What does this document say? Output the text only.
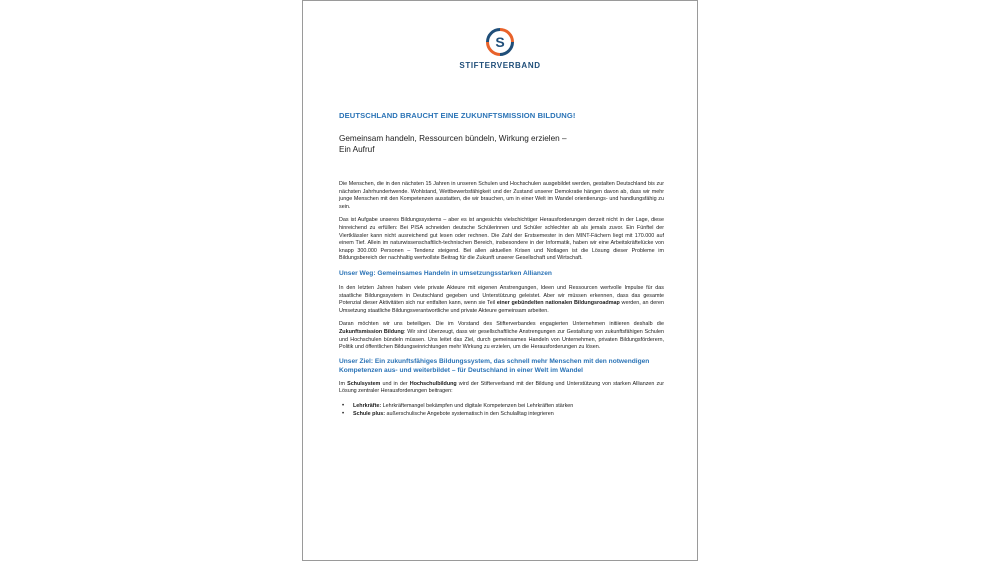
S
STIFTERVERBAND

DEUTSCHLAND BRAUCHT EINE ZUKUNFTSMISSION BILDUNG!

Gemeinsam handeln, Ressourcen bündeln, Wirkung erzielen –
Ein Aufruf

Die Menschen, die in den nächsten 15 Jahren in unseren Schulen und Hochschulen ausgebildet werden, gestalten Deutschland bis zur nächsten Jahrhundertwende. Wohlstand, Wettbewerbsfähigkeit und der Zustand unserer Demokratie hängen davon ab, dass wir mehr junge Menschen mit den Kompetenzen ausstatten, die wir brauchen, um in einer Welt im Wandel orientierungs- und handlungsfähig zu sein.

Das ist Aufgabe unseres Bildungssystems – aber es ist angesichts vielschichtiger Herausforderungen derzeit nicht in der Lage, diese hinreichend zu erfüllen: Bei PISA schneiden deutsche Schülerinnen und Schüler schlechter ab als jemals zuvor. Ein Fünftel der Viertklässler kann nicht ausreichend gut lesen oder rechnen. Die Zahl der Erstsemester in den MINT-Fächern liegt mit 170.000 auf einem Tief. Allein im naturwissenschaftlich-technischen Bereich, insbesondere in der Informatik, haben wir eine Arbeitskräftelücke von knapp 300.000 Personen – Tendenz steigend. Bei allen aktuellen Krisen und Notlagen ist die Lösung dieser Probleme im Bildungsbereich der nachhaltig wertvollste Beitrag für die Zukunft unserer Gesellschaft und Wirtschaft.

Unser Weg: Gemeinsames Handeln in umsetzungsstarken Allianzen

In den letzten Jahren haben viele private Akteure mit eigenen Anstrengungen, Ideen und Ressourcen wertvolle Impulse für das staatliche Bildungssystem in Deutschland gegeben und Unterstützung geleistet. Aber wir müssen erkennen, dass das gesamte Potenzial dieser Aktivitäten sich nur entfalten kann, wenn sie Teil einer gebündelten nationalen Bildungsroadmap werden, an deren Umsetzung staatliche Bildungsverantwortliche und private Akteure gemeinsam arbeiten.

Daran möchten wir uns beteiligen. Die im Vorstand des Stifterverbandes engagierten Unternehmen initiieren deshalb die Zukunftsmission Bildung: Wir sind überzeugt, dass wir gesellschaftliche Anstrengungen zur Gestaltung von zukunftsfähigen Schulen und Hochschulen bündeln müssen. Uns leitet das Ziel, durch gemeinsames Handeln von Unternehmen, privaten Bildungsförderern, Politik und öffentlichen Bildungseinrichtungen mehr Wirkung zu erzielen, um die Herausforderungen zu lösen.

Unser Ziel: Ein zukunftsfähiges Bildungssystem, das schnell mehr Menschen mit den notwendigen Kompetenzen aus- und weiterbildet – für Deutschland in einer Welt im Wandel

Im Schulsystem und in der Hochschulbildung wird der Stifterverband mit der Bildung und Unterstützung von starken Allianzen zur Lösung zentraler Herausforderungen beitragen:

• Lehrkräfte: Lehrkräftemangel bekämpfen und digitale Kompetenzen bei Lehrkräften stärken
• Schule plus: außerschulische Angebote systematisch in den Schulalltag integrieren
